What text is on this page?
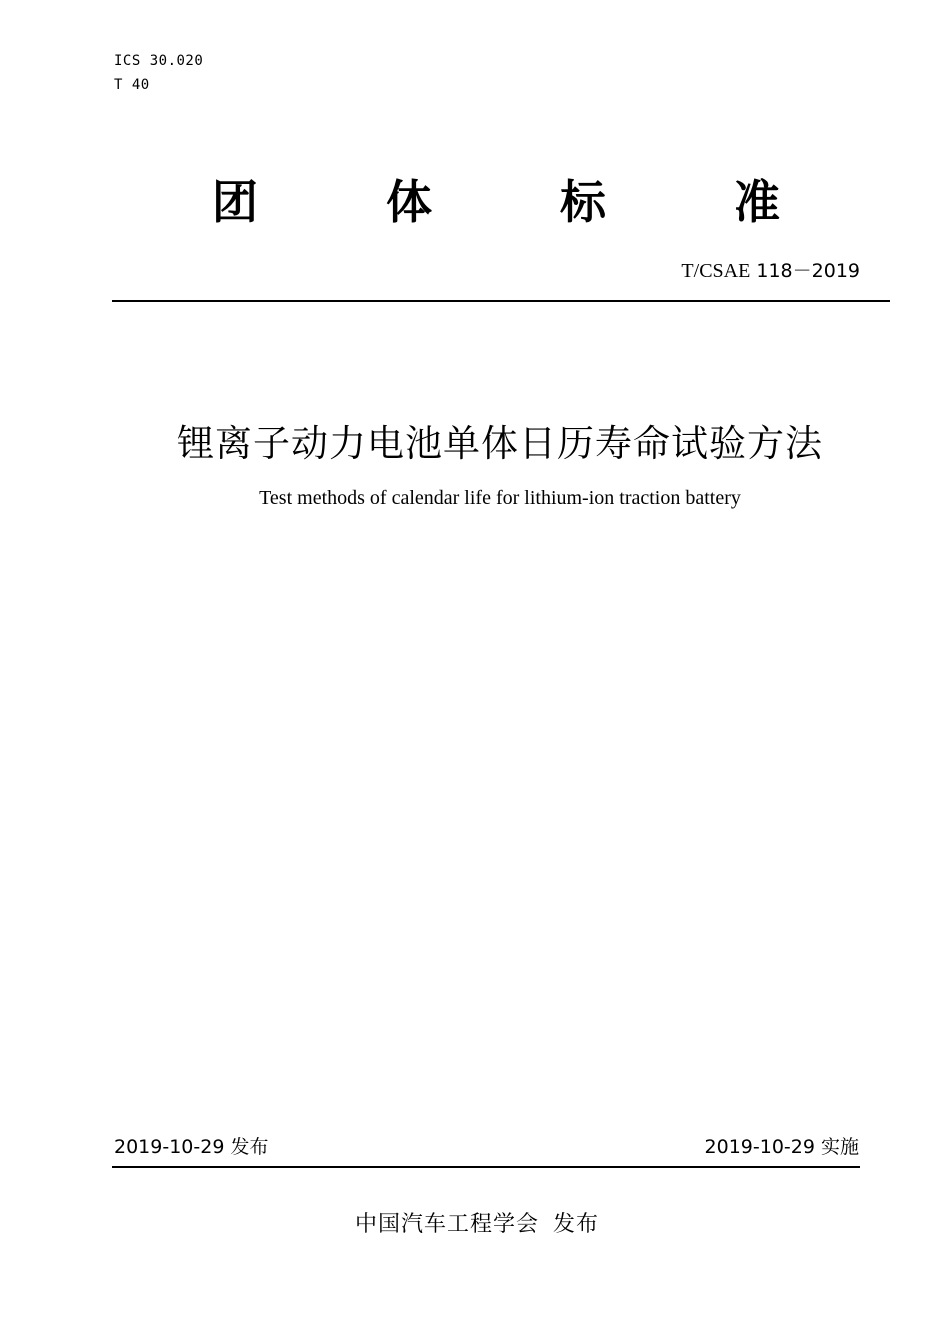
ICS 30.020
T 40
团	体	标	准
T/CSAE 118－2019
锂离子动力电池单体日历寿命试验方法
Test methods of calendar life for lithium-ion traction battery
2019-10-29 发布	2019-10-29 实施
中国汽车工程学会 发布
